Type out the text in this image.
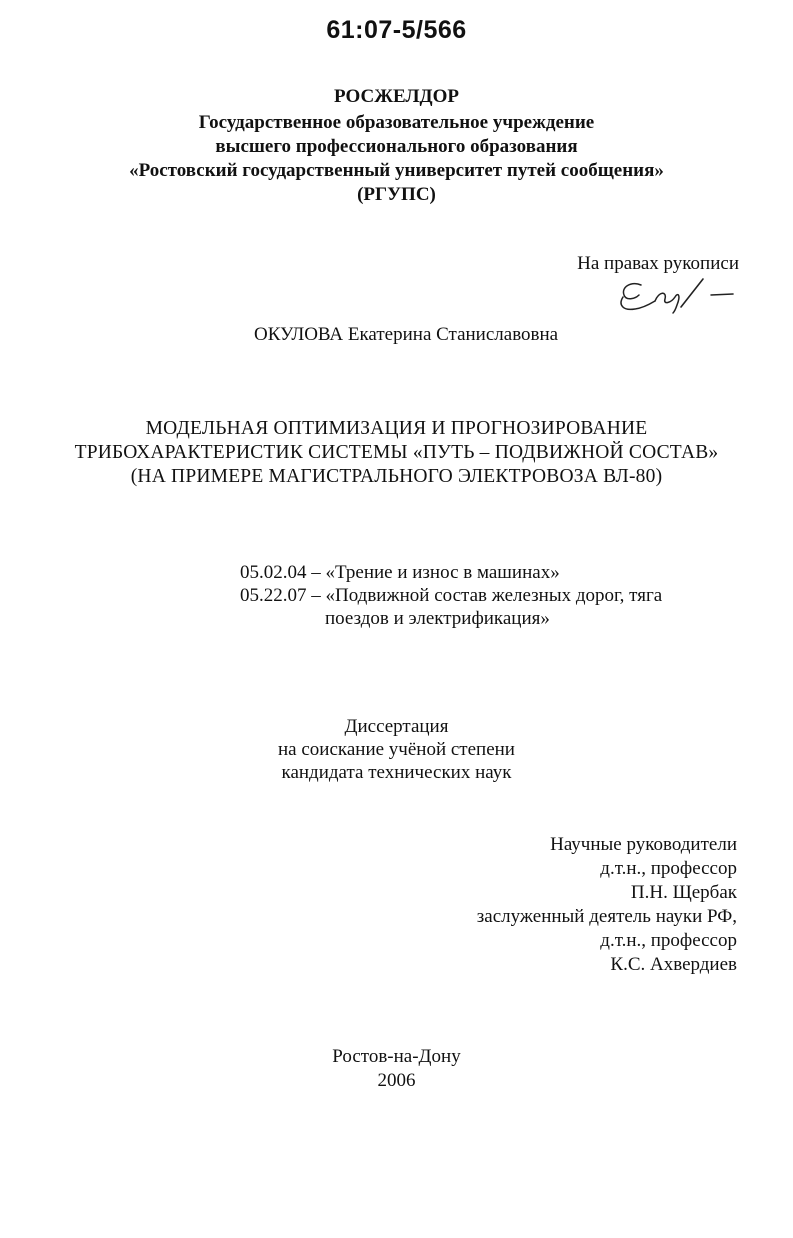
61:07-5/566
РОСЖЕЛДОР
Государственное образовательное учреждение
высшего профессионального образования
«Ростовский государственный университет путей сообщения»
(РГУПС)
На правах рукописи
ОКУЛОВА Екатерина Станиславовна
МОДЕЛЬНАЯ ОПТИМИЗАЦИЯ И ПРОГНОЗИРОВАНИЕ
ТРИБОХАРАКТЕРИСТИК СИСТЕМЫ «ПУТЬ – ПОДВИЖНОЙ СОСТАВ»
(НА ПРИМЕРЕ МАГИСТРАЛЬНОГО ЭЛЕКТРОВОЗА ВЛ-80)
05.02.04 – «Трение и износ в машинах»
05.22.07 – «Подвижной состав железных дорог, тяга
поездов и электрификация»
Диссертация
на соискание учёной степени
кандидата технических наук
Научные руководители
д.т.н., профессор
П.Н. Щербак
заслуженный деятель науки РФ,
д.т.н., профессор
К.С. Ахвердиев
Ростов-на-Дону
2006
